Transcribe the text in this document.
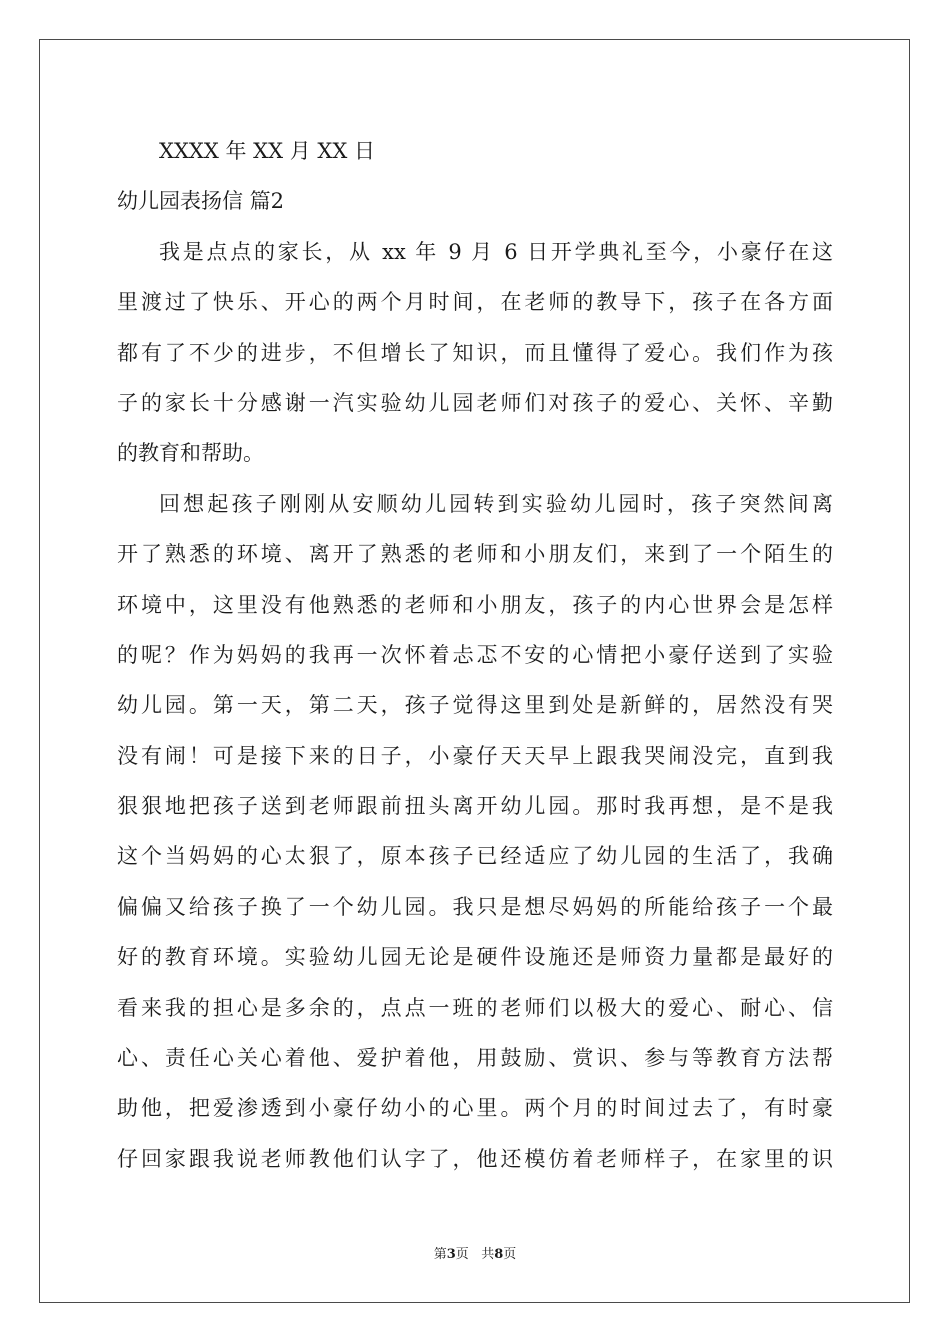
XXXX 年 XX 月 XX 日
幼儿园表扬信 篇2
我是点点的家长，从 xx 年 9 月 6 日开学典礼至今，小豪仔在这
里渡过了快乐、开心的两个月时间，在老师的教导下，孩子在各方面
都有了不少的进步，不但增长了知识，而且懂得了爱心。我们作为孩
子的家长十分感谢一汽实验幼儿园老师们对孩子的爱心、关怀、辛勤
的教育和帮助。
回想起孩子刚刚从安顺幼儿园转到实验幼儿园时，孩子突然间离
开了熟悉的环境、离开了熟悉的老师和小朋友们，来到了一个陌生的
环境中，这里没有他熟悉的老师和小朋友，孩子的内心世界会是怎样
的呢？作为妈妈的我再一次怀着忐忑不安的心情把小豪仔送到了实验
幼儿园。第一天，第二天，孩子觉得这里到处是新鲜的，居然没有哭
没有闹！可是接下来的日子，小豪仔天天早上跟我哭闹没完，直到我
狠狠地把孩子送到老师跟前扭头离开幼儿园。那时我再想，是不是我
这个当妈妈的心太狠了，原本孩子已经适应了幼儿园的生活了，我确
偏偏又给孩子换了一个幼儿园。我只是想尽妈妈的所能给孩子一个最
好的教育环境。实验幼儿园无论是硬件设施还是师资力量都是最好的
看来我的担心是多余的，点点一班的老师们以极大的爱心、耐心、信
心、责任心关心着他、爱护着他，用鼓励、赏识、参与等教育方法帮
助他，把爱渗透到小豪仔幼小的心里。两个月的时间过去了，有时豪
仔回家跟我说老师教他们认字了，他还模仿着老师样子，在家里的识
第3页 共8页
